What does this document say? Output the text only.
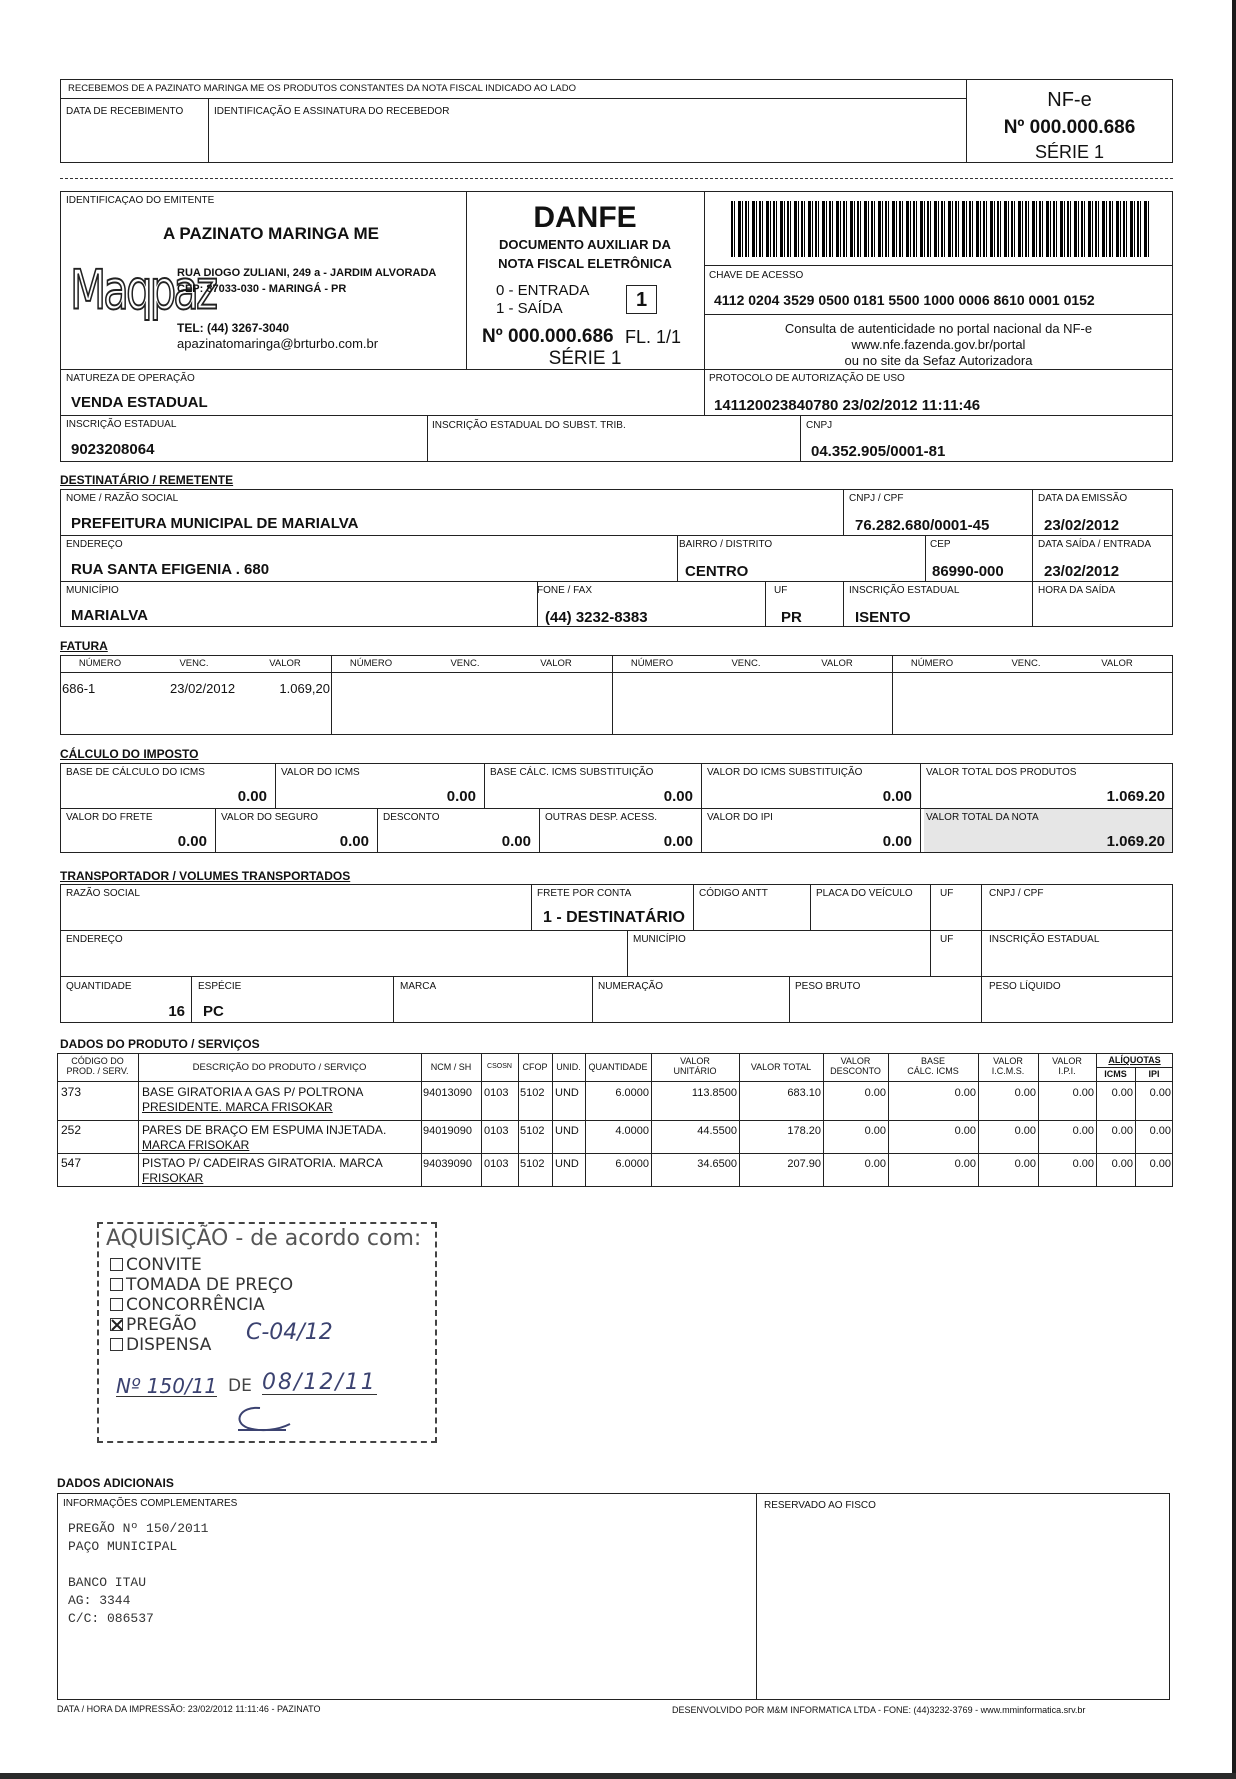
RECEBEMOS DE A PAZINATO MARINGA ME OS PRODUTOS CONSTANTES DA NOTA FISCAL INDICADO AO LADO
DATA DE RECEBIMENTO	IDENTIFICAÇÃO E ASSINATURA DO RECEBEDOR
NF-e
Nº 000.000.686
SÉRIE 1
IDENTIFICAÇAO DO EMITENTE
A PAZINATO MARINGA ME
Maqpaz
RUA DIOGO ZULIANI, 249 a - JARDIM ALVORADA
CEP: 87033-030 - MARINGÁ - PR
TEL: (44) 3267-3040
apazinatomaringa@brturbo.com.br
DANFE
DOCUMENTO AUXILIAR DA
NOTA FISCAL ELETRÔNICA
0 - ENTRADA
1 - SAÍDA	1
Nº 000.000.686 FL. 1/1
SÉRIE 1
CHAVE DE ACESSO
4112 0204 3529 0500 0181 5500 1000 0006 8610 0001 0152
Consulta de autenticidade no portal nacional da NF-e
www.nfe.fazenda.gov.br/portal
ou no site da Sefaz Autorizadora
NATUREZA DE OPERAÇÃO
VENDA ESTADUAL
PROTOCOLO DE AUTORIZAÇÃO DE USO
141120023840780 23/02/2012 11:11:46
INSCRIÇÃO ESTADUAL
9023208064
INSCRIÇÃO ESTADUAL DO SUBST. TRIB.	CNPJ
04.352.905/0001-81
DESTINATÁRIO / REMETENTE
NOME / RAZÃO SOCIAL
PREFEITURA MUNICIPAL DE MARIALVA
CNPJ / CPF
76.282.680/0001-45
DATA DA EMISSÃO
23/02/2012
ENDEREÇO
RUA SANTA EFIGENIA . 680
BAIRRO / DISTRITO
CENTRO
CEP
86990-000
DATA SAÍDA / ENTRADA
23/02/2012
MUNICÍPIO
MARIALVA
FONE / FAX
(44) 3232-8383
UF
PR
INSCRIÇÃO ESTADUAL
ISENTO
HORA DA SAÍDA
FATURA
NÚMERO	VENC.	VALOR	NÚMERO	VENC.	VALOR	NÚMERO	VENC.	VALOR	NÚMERO	VENC.	VALOR
686-1	23/02/2012	1.069,20
CÁLCULO DO IMPOSTO
BASE DE CÁLCULO DO ICMS
0.00
VALOR DO ICMS
0.00
BASE CÁLC. ICMS SUBSTITUIÇÃO
0.00
VALOR DO ICMS SUBSTITUIÇÃO
0.00
VALOR TOTAL DOS PRODUTOS
1.069.20
VALOR DO FRETE
0.00
VALOR DO SEGURO
0.00
DESCONTO
0.00
OUTRAS DESP. ACESS.
0.00
VALOR DO IPI
0.00
VALOR TOTAL DA NOTA
1.069.20
TRANSPORTADOR / VOLUMES TRANSPORTADOS
RAZÃO SOCIAL	FRETE POR CONTA
1 - DESTINATÁRIO
CÓDIGO ANTT	PLACA DO VEÍCULO	UF	CNPJ / CPF
ENDEREÇO	MUNICÍPIO	UF	INSCRIÇÃO ESTADUAL
QUANTIDADE
16
ESPÉCIE
PC
MARCA	NUMERAÇÃO	PESO BRUTO	PESO LÍQUIDO
DADOS DO PRODUTO / SERVIÇOS
CÓDIGO DO
PROD. / SERV.	DESCRIÇÃO DO PRODUTO / SERVIÇO	NCM / SH	CSOSN	CFOP UNID. QUANTIDADE
VALOR
UNITÁRIO	VALOR TOTAL
VALOR
DESCONTO
BASE
CÁLC. ICMS
VALOR
I.C.M.S.
VALOR
I.P.I.
ALÍQUOTAS
ICMS	IPI
373	BASE GIRATORIA A GAS P/ POLTRONA
PRESIDENTE. MARCA FRISOKAR
94013090 0103 5102 UND	6.0000	113.8500	683.10	0.00	0.00	0.00	0.00	0.00	0.00
252	PARES DE BRAÇO EM ESPUMA INJETADA.
MARCA FRISOKAR
94019090 0103 5102 UND	4.0000	44.5500	178.20	0.00	0.00	0.00	0.00	0.00	0.00
547	PISTAO P/ CADEIRAS GIRATORIA. MARCA
FRISOKAR
94039090 0103 5102 UND	6.0000	34.6500	207.90	0.00	0.00	0.00	0.00	0.00	0.00
AQUISIÇÃO - de acordo com:
CONVITE
TOMADA DE PREÇO
CONCORRÊNCIA
PREGÃO
DISPENSA C-04/12
Nº 150/11 DE 08/12/11
DADOS ADICIONAIS
INFORMAÇÕES COMPLEMENTARES	RESERVADO AO FISCO
PREGÃO Nº 150/2011
PAÇO MUNICIPAL
BANCO ITAU
AG: 3344
C/C: 086537
DATA / HORA DA IMPRESSÃO: 23/02/2012 11:11:46 - PAZINATO	DESENVOLVIDO POR M&M INFORMATICA LTDA - FONE: (44)3232-3769 - www.mminformatica.srv.br
